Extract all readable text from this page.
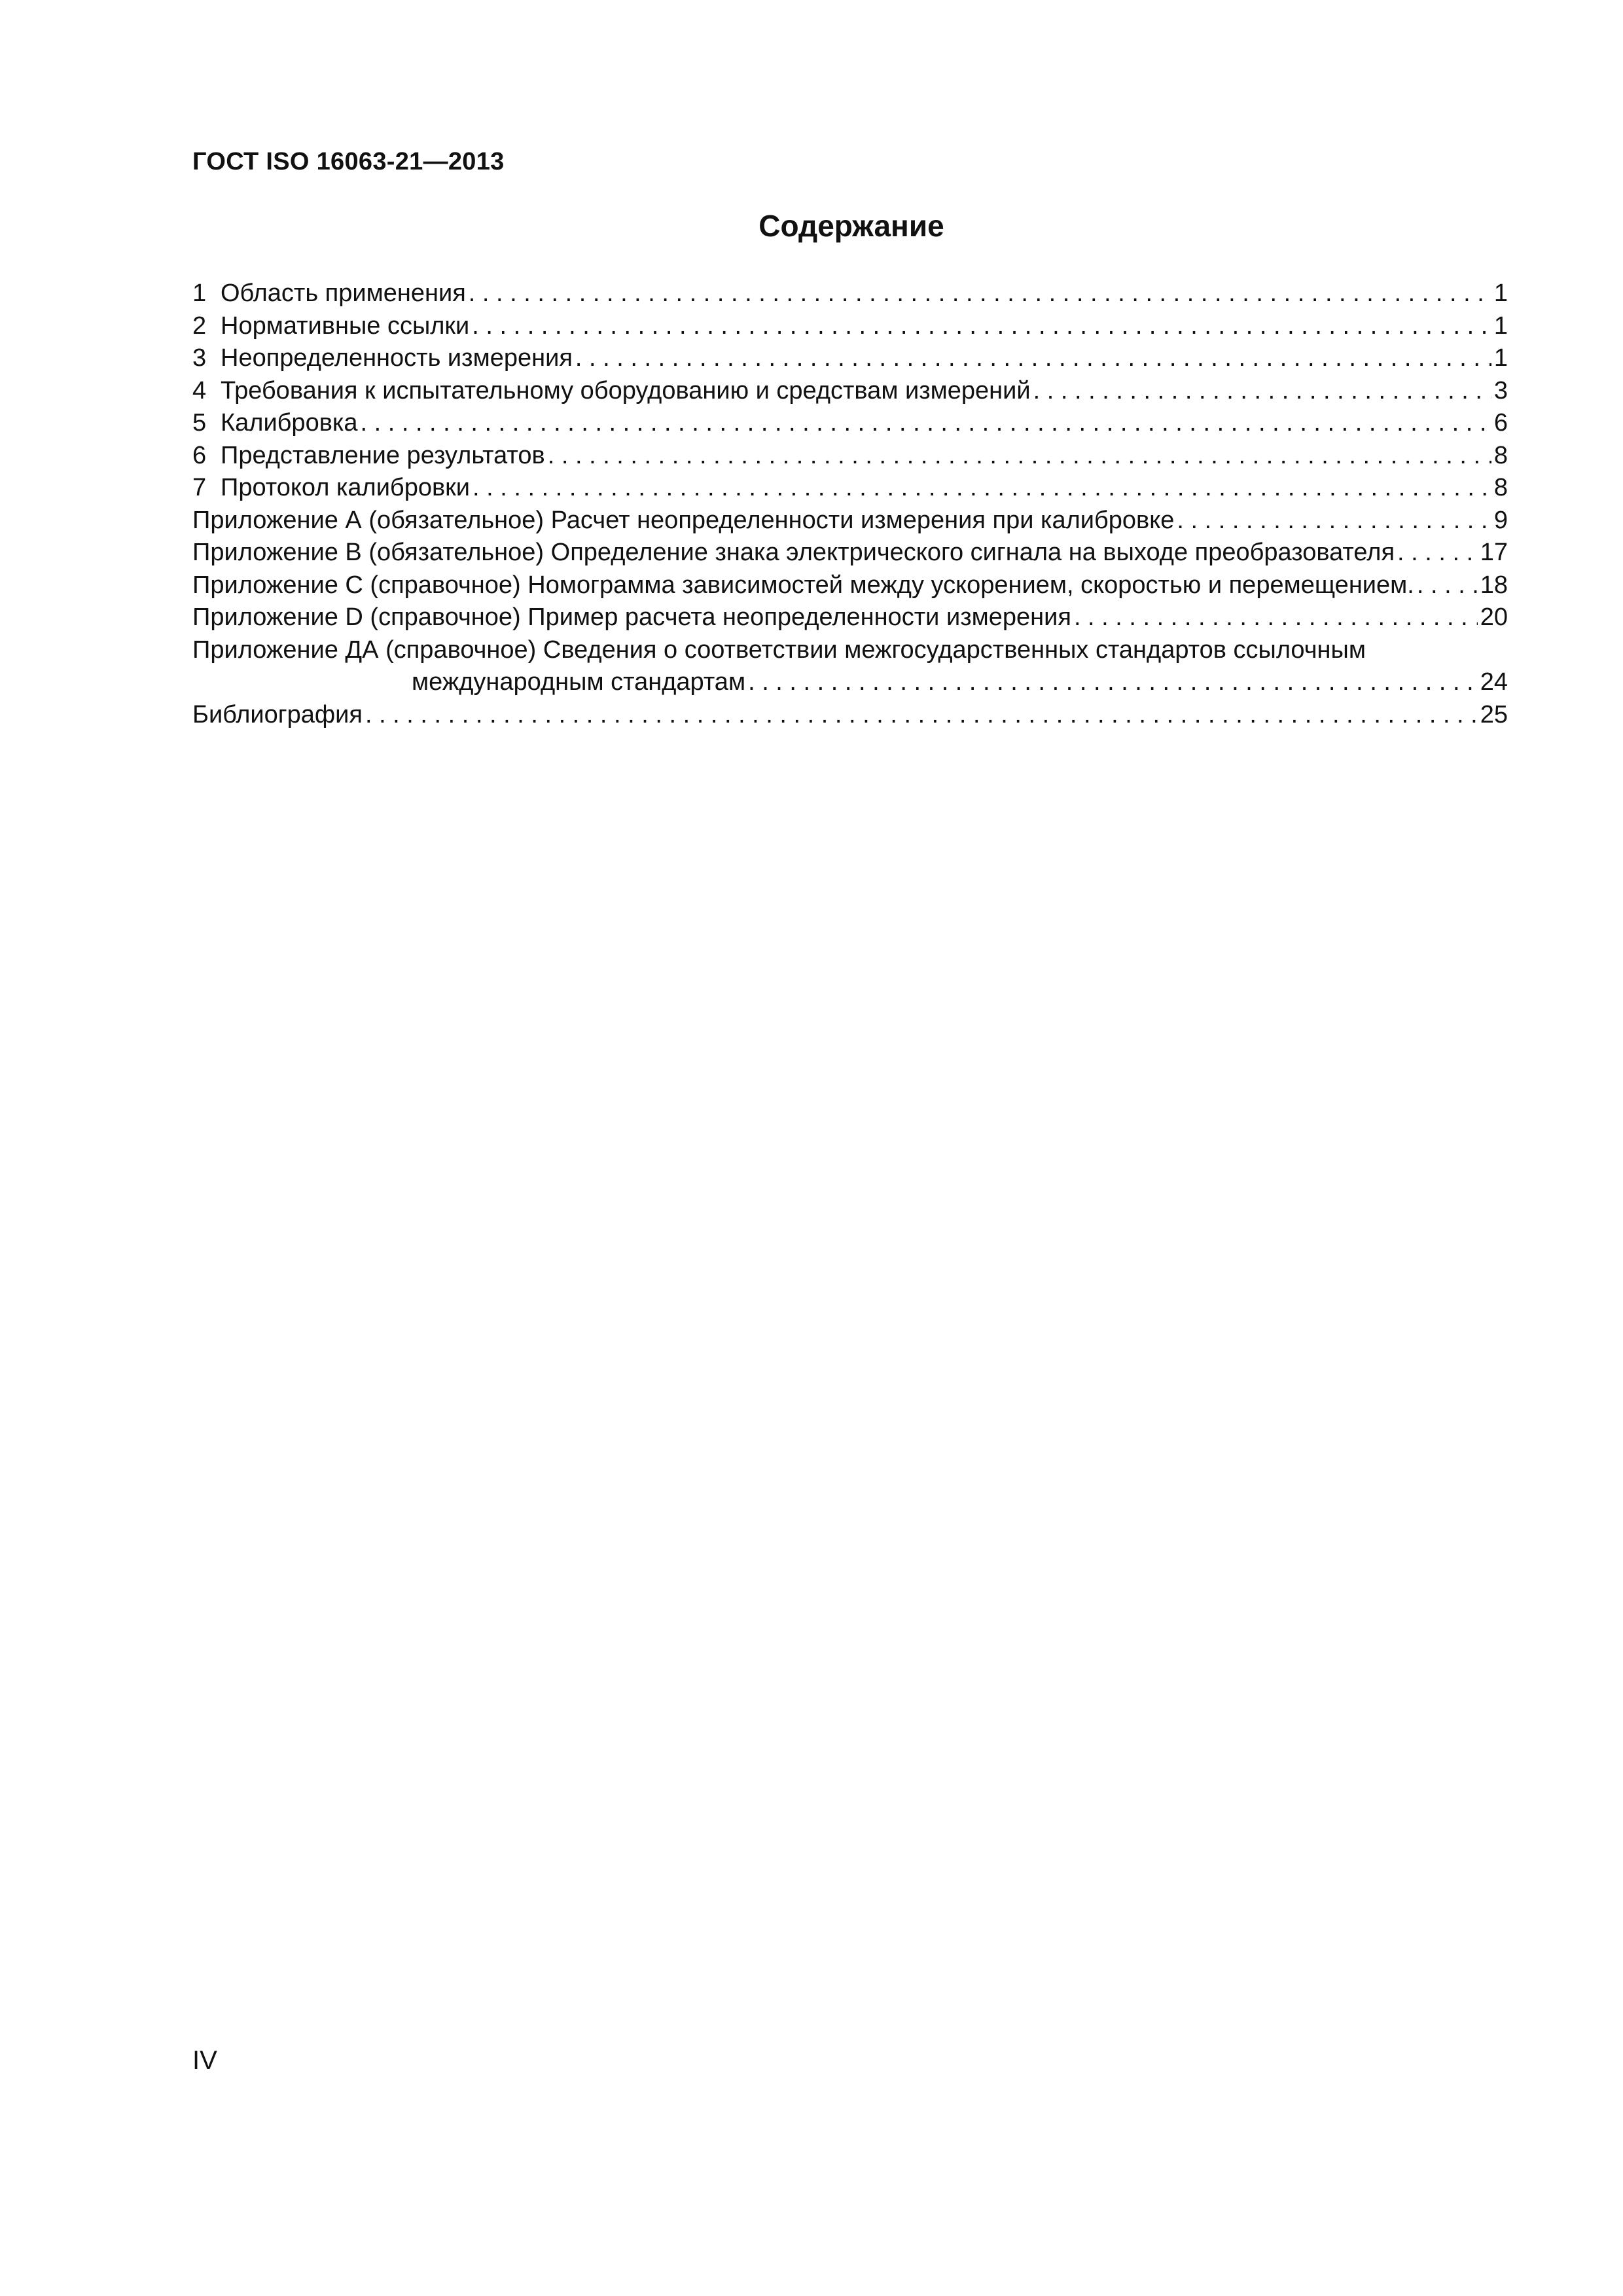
ГОСТ ISO 16063-21—2013
Содержание
1 Область применения . . .	1
2 Нормативные ссылки . . .	1
3 Неопределенность измерения . . .	1
4 Требования к испытательному оборудованию и средствам измерений . . .	3
5 Калибровка . . .	6
6 Представление результатов . . .	8
7 Протокол калибровки . . .	8
Приложение А (обязательное) Расчет неопределенности измерения при калибровке . . .	9
Приложение В (обязательное) Определение знака электрического сигнала на выходе преобразователя . . .	17
Приложение С (справочное) Номограмма зависимостей между ускорением, скоростью и перемещением. . . .	18
Приложение D (справочное) Пример расчета неопределенности измерения . . .	20
Приложение ДА (справочное) Сведения о соответствии межгосударственных стандартов ссылочным
международным стандартам . . .	24
Библиография . . .	25
IV
